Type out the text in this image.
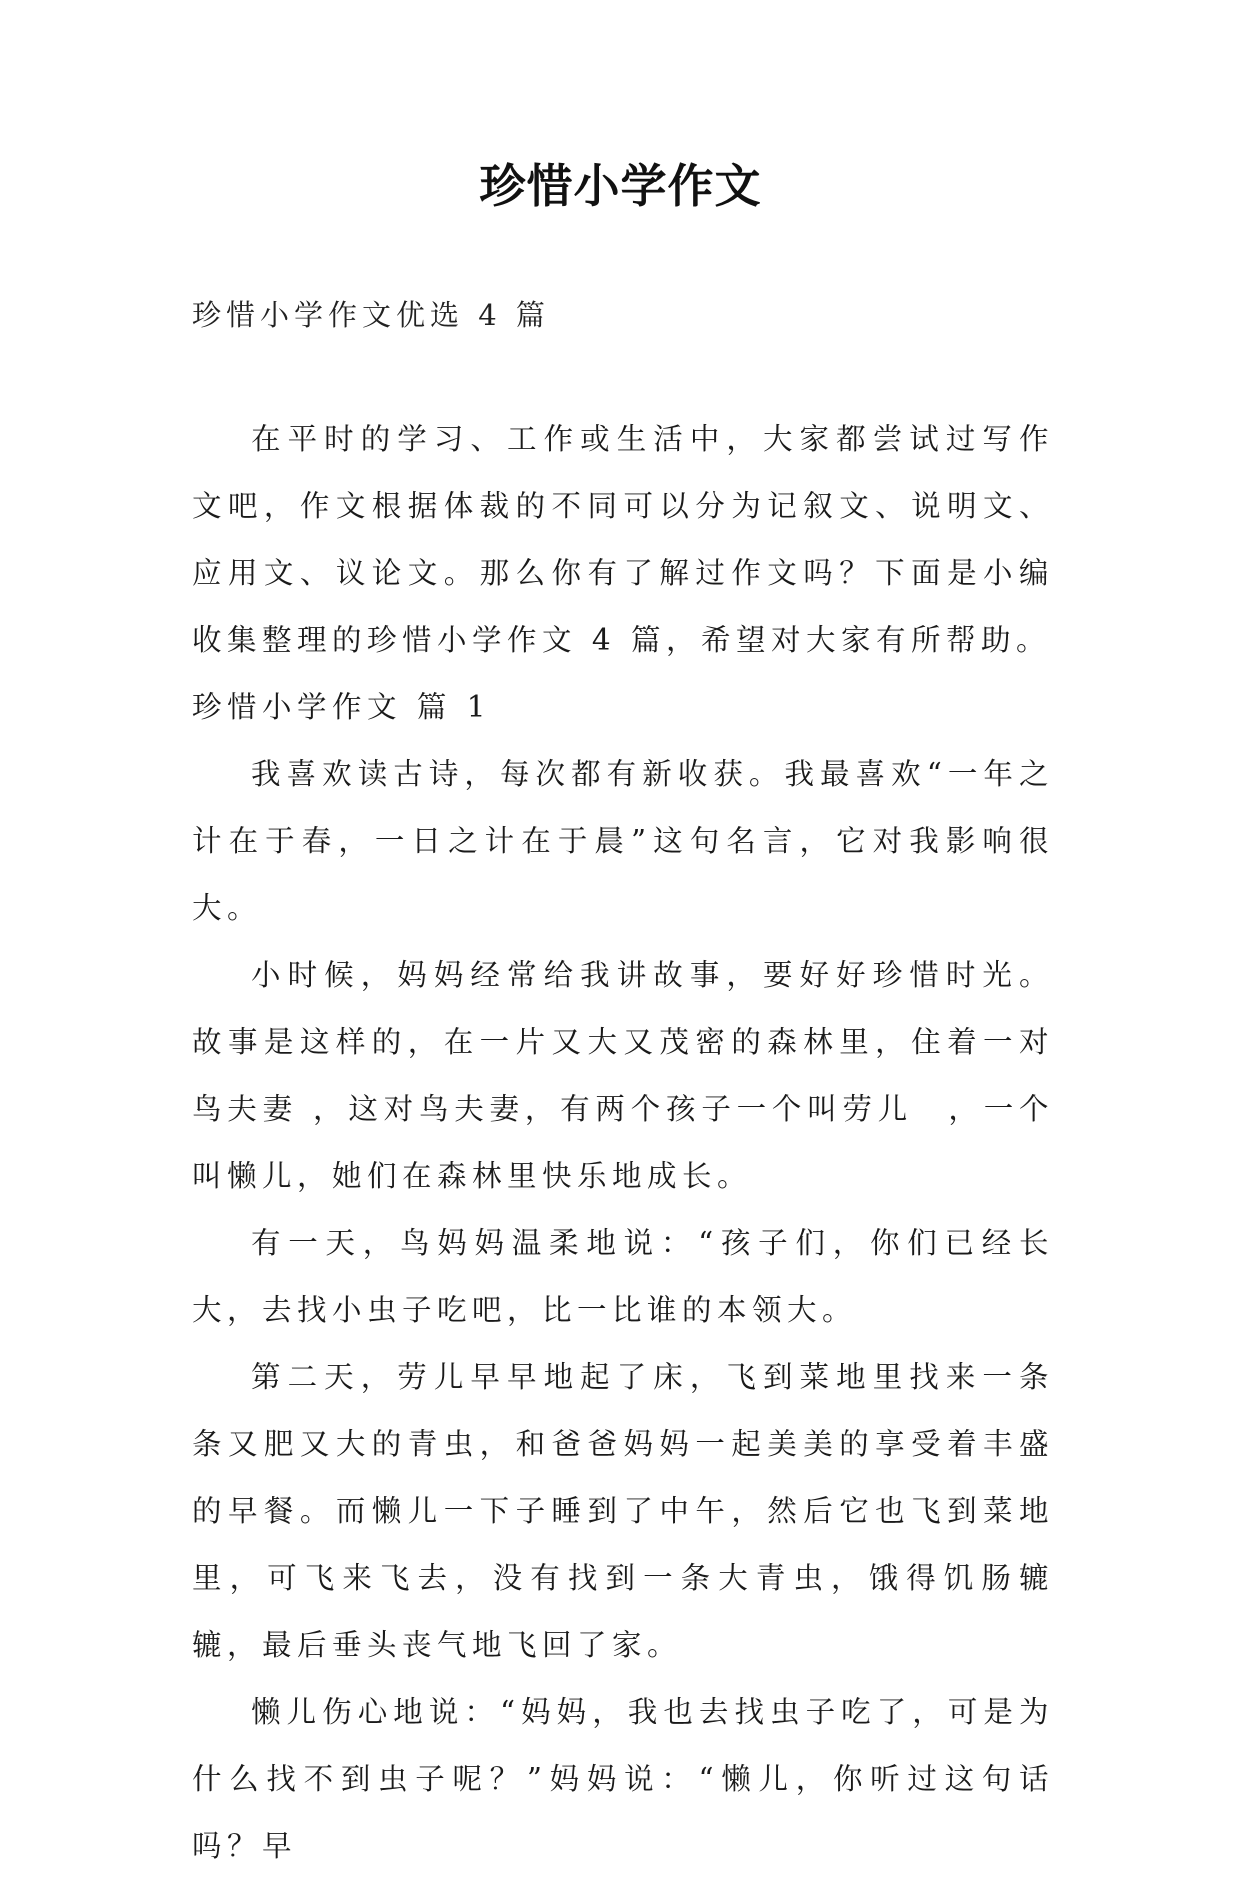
珍惜小学作文
珍惜小学作文优选 4 篇

在平时的学习、工作或生活中，大家都尝试过写作文吧，作文根据体裁的不同可以分为记叙文、说明文、应用文、议论文。那么你有了解过作文吗？下面是小编收集整理的珍惜小学作文 4 篇，希望对大家有所帮助。

珍惜小学作文 篇 1

我喜欢读古诗，每次都有新收获。我最喜欢“一年之计在于春，一日之计在于晨”这句名言，它对我影响很大。

小时候，妈妈经常给我讲故事，要好好珍惜时光。故事是这样的，在一片又大又茂密的森林里，住着一对鸟夫妻 ，这对鸟夫妻，有两个孩子一个叫劳儿　，一个叫懒儿，她们在森林里快乐地成长。

有一天，鸟妈妈温柔地说：“孩子们，你们已经长大，去找小虫子吃吧，比一比谁的本领大。

第二天，劳儿早早地起了床，飞到菜地里找来一条条又肥又大的青虫，和爸爸妈妈一起美美的享受着丰盛的早餐。而懒儿一下子睡到了中午，然后它也飞到菜地里，可飞来飞去，没有找到一条大青虫，饿得饥肠辘辘，最后垂头丧气地飞回了家。

懒儿伤心地说：“妈妈，我也去找虫子吃了，可是为什么找不到虫子呢？”妈妈说：“懒儿，你听过这句话吗？早
